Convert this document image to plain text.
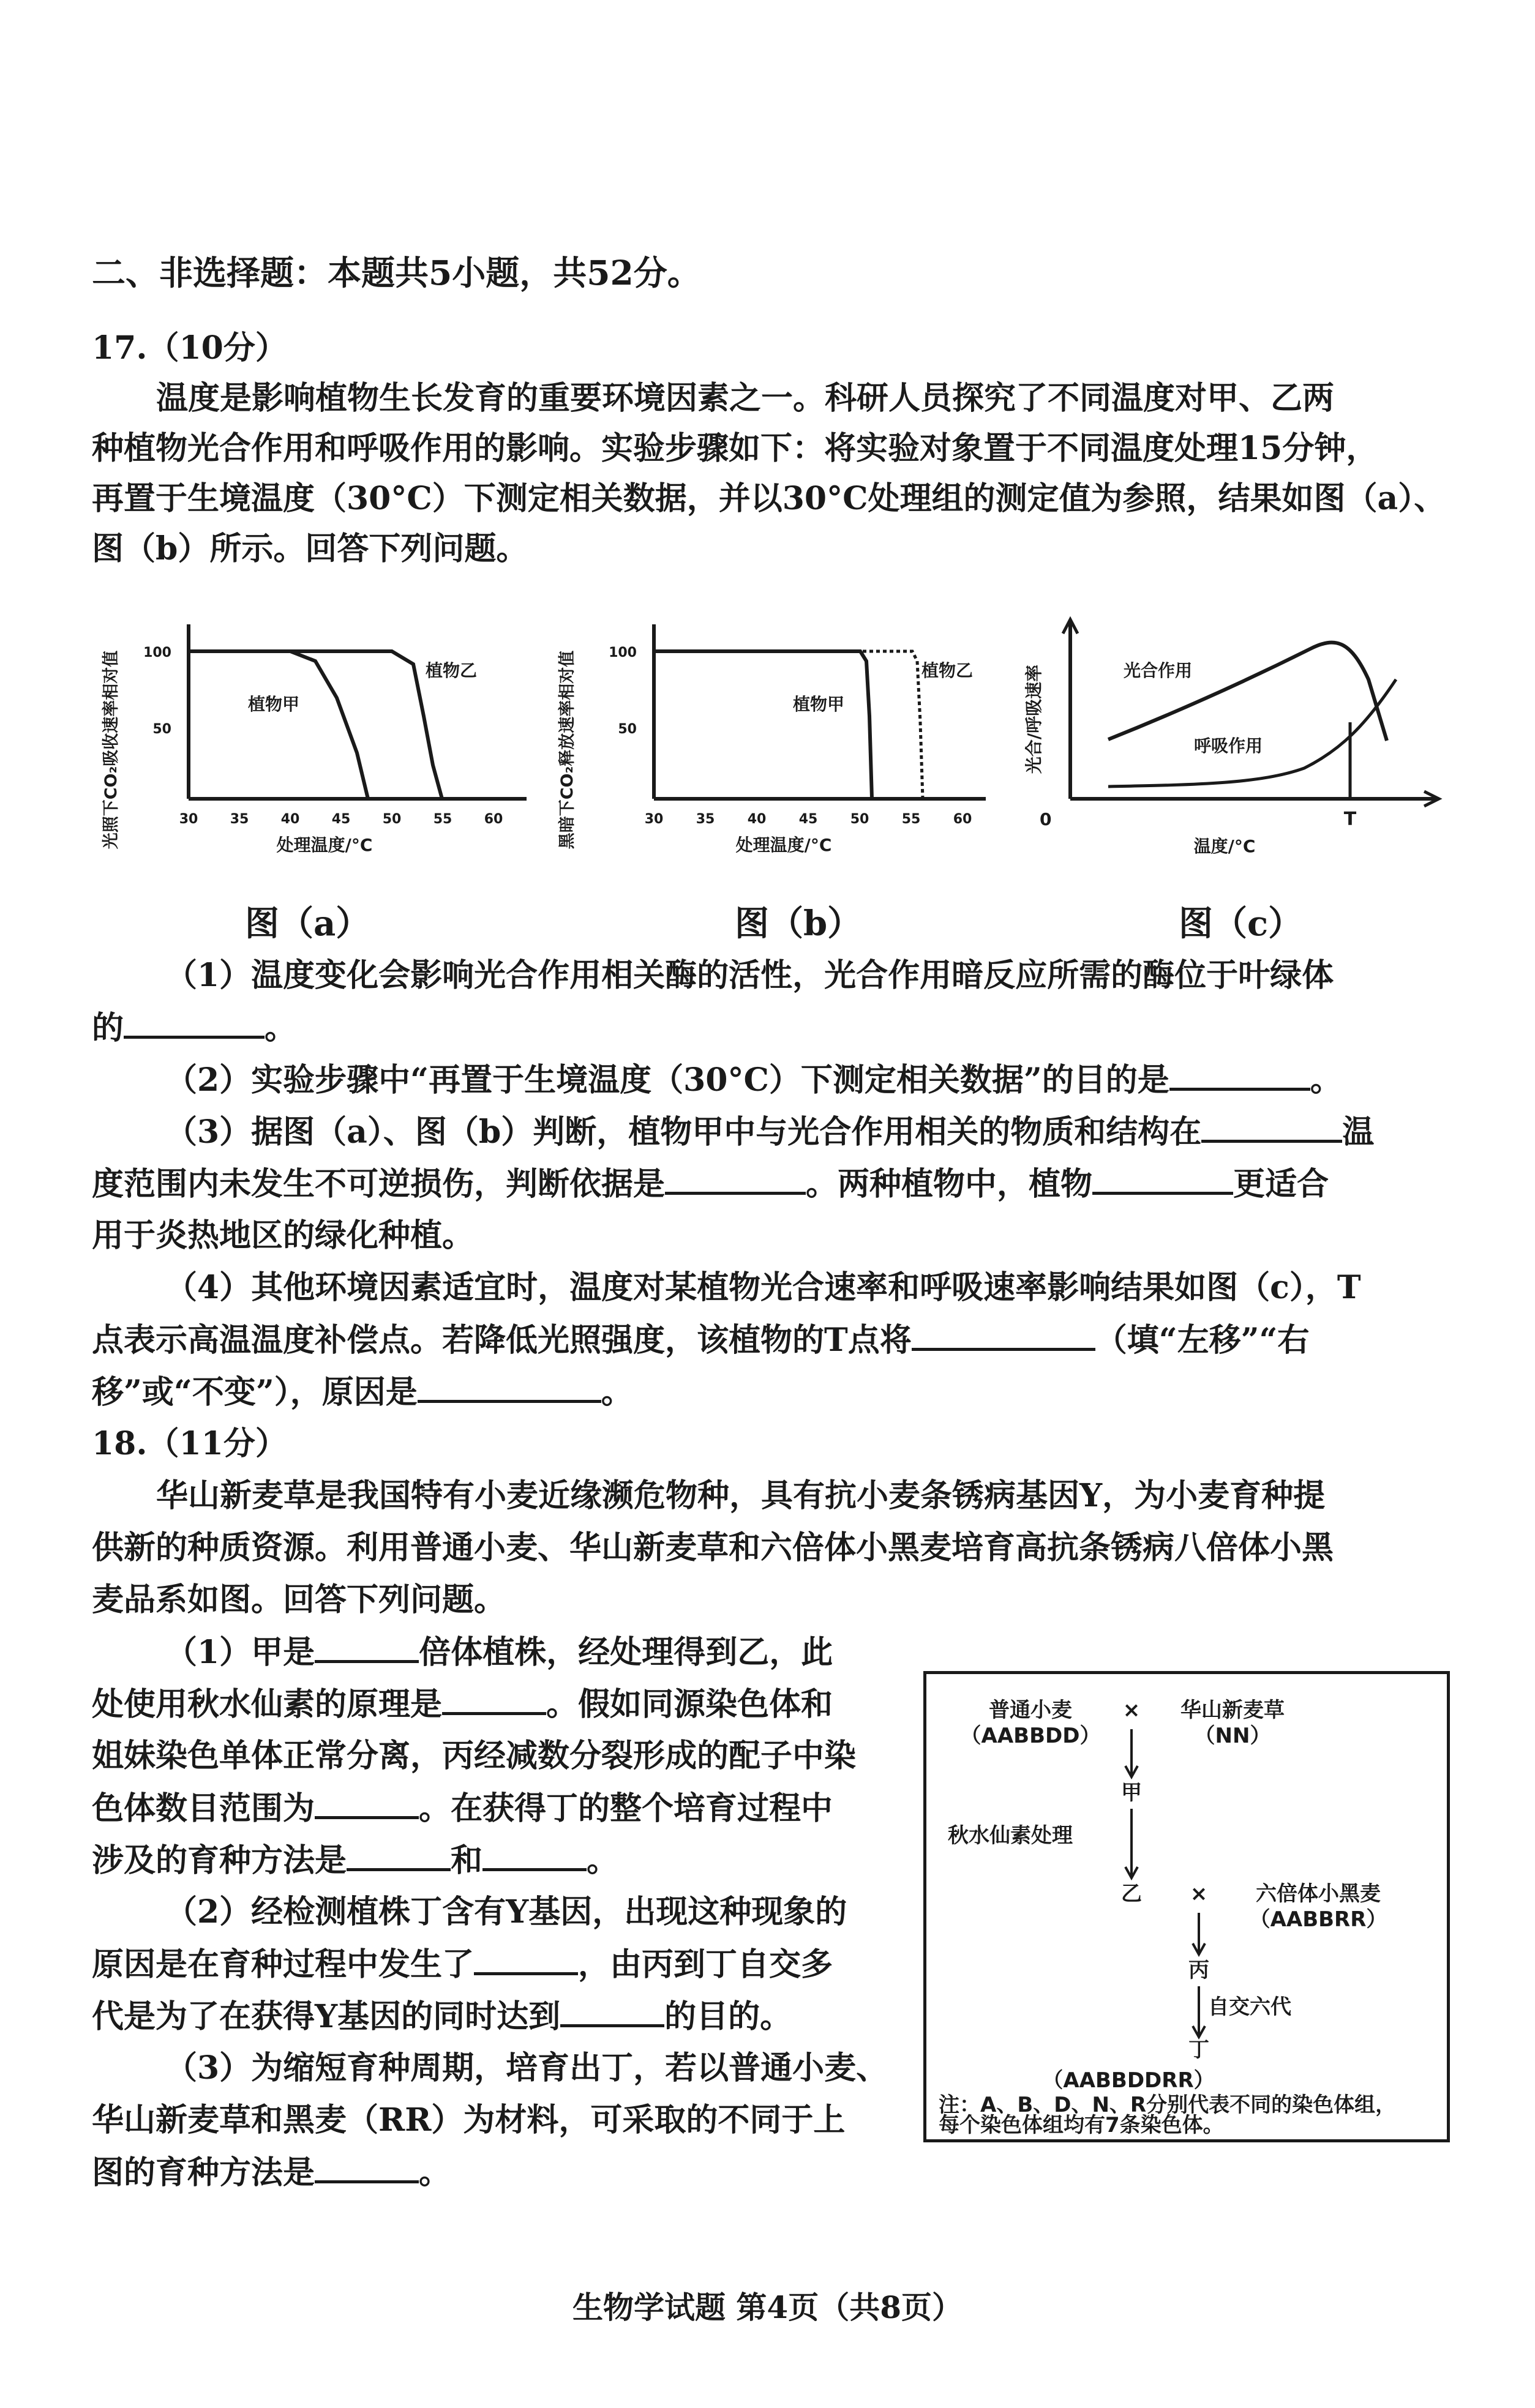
二、非选择题：本题共5小题，共52分。
17.（10分）
温度是影响植物生长发育的重要环境因素之一。科研人员探究了不同温度对甲、乙两
种植物光合作用和呼吸作用的影响。实验步骤如下：将实验对象置于不同温度处理15分钟，
再置于生境温度（30°C）下测定相关数据，并以30°C处理组的测定值为参照，结果如图（a）、
图（b）所示。回答下列问题。
光照下CO₂吸收速率相对值 100
50
植物甲
植物乙
30 35 40 45 50 55 60
处理温度/°C	黑暗下CO₂释放速率相对值 100
50
植物甲
植物乙
30 35 40 45 50 55 60
处理温度/°C
光合/呼吸速率	光合作用
呼吸作用
0	T
温度/°C
图（a）	图（b）	图（c）
（1）温度变化会影响光合作用相关酶的活性，光合作用暗反应所需的酶位于叶绿体
的	。
（2）实验步骤中“再置于生境温度（30°C）下测定相关数据”的目的是	。
（3）据图（a）、图（b）判断，植物甲中与光合作用相关的物质和结构在	温
度范围内未发生不可逆损伤，判断依据是	。两种植物中，植物	更适合
用于炎热地区的绿化种植。
（4）其他环境因素适宜时，温度对某植物光合速率和呼吸速率影响结果如图（c），T
点表示高温温度补偿点。若降低光照强度，该植物的T点将	（填“左移”“右
移”或“不变”），原因是	。
18.（11分）
华山新麦草是我国特有小麦近缘濒危物种，具有抗小麦条锈病基因Y，为小麦育种提
供新的种质资源。利用普通小麦、华山新麦草和六倍体小黑麦培育高抗条锈病八倍体小黑
麦品系如图。回答下列问题。
（1）甲是	倍体植株，经处理得到乙，此
处使用秋水仙素的原理是	。假如同源染色体和
姐妹染色单体正常分离，丙经减数分裂形成的配子中染
色体数目范围为	。在获得丁的整个培育过程中
涉及的育种方法是	和	。
（2）经检测植株丁含有Y基因，出现这种现象的
原因是在育种过程中发生了	，由丙到丁自交多
代是为了在获得Y基因的同时达到	的目的。
（3）为缩短育种周期，培育出丁，若以普通小麦、
华山新麦草和黑麦（RR）为材料，可采取的不同于上
图的育种方法是	。
普通小麦
（AABBDD）
× 华山新麦草
（NN）
甲
秋水仙素处理
乙 × 六倍体小黑麦
（AABBRR）
丙
自交六代
丁
（AABBDDRR）
注：A、B、D、N、R分别代表不同的染色体组，
每个染色体组均有7条染色体。
生物学试题 第4页（共8页）
